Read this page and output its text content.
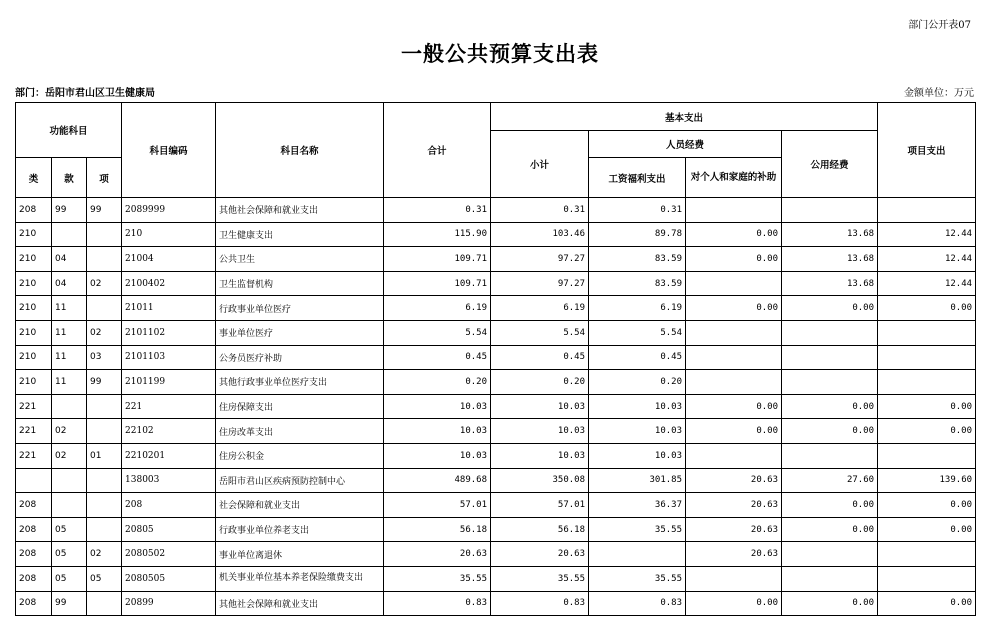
部门公开表07
一般公共预算支出表
部门：岳阳市君山区卫生健康局	金额单位：万元
功能科目			科目编码	科目名称	合计	基本支出				项目支出
						小计	人员经费		公用经费	
类	款	项					工资福利支出	对个人和家庭的补助		
208	99	99	2089999	其他社会保障和就业支出	0.31	0.31	0.31			
210			210	卫生健康支出	115.90	103.46	89.78	0.00	13.68	12.44
210	04		21004	公共卫生	109.71	97.27	83.59	0.00	13.68	12.44
210	04	02	2100402	卫生监督机构	109.71	97.27	83.59		13.68	12.44
210	11		21011	行政事业单位医疗	6.19	6.19	6.19	0.00	0.00	0.00
210	11	02	2101102	事业单位医疗	5.54	5.54	5.54			
210	11	03	2101103	公务员医疗补助	0.45	0.45	0.45			
210	11	99	2101199	其他行政事业单位医疗支出	0.20	0.20	0.20			
221			221	住房保障支出	10.03	10.03	10.03	0.00	0.00	0.00
221	02		22102	住房改革支出	10.03	10.03	10.03	0.00	0.00	0.00
221	02	01	2210201	住房公积金	10.03	10.03	10.03			
			138003	岳阳市君山区疾病预防控制中心	489.68	350.08	301.85	20.63	27.60	139.60
208			208	社会保障和就业支出	57.01	57.01	36.37	20.63	0.00	0.00
208	05		20805	行政事业单位养老支出	56.18	56.18	35.55	20.63	0.00	0.00
208	05	02	2080502	事业单位离退休	20.63	20.63		20.63		
208	05	05	2080505	机关事业单位基本养老保险缴费支出	35.55	35.55	35.55			
208	99		20899	其他社会保障和就业支出	0.83	0.83	0.83	0.00	0.00	0.00
